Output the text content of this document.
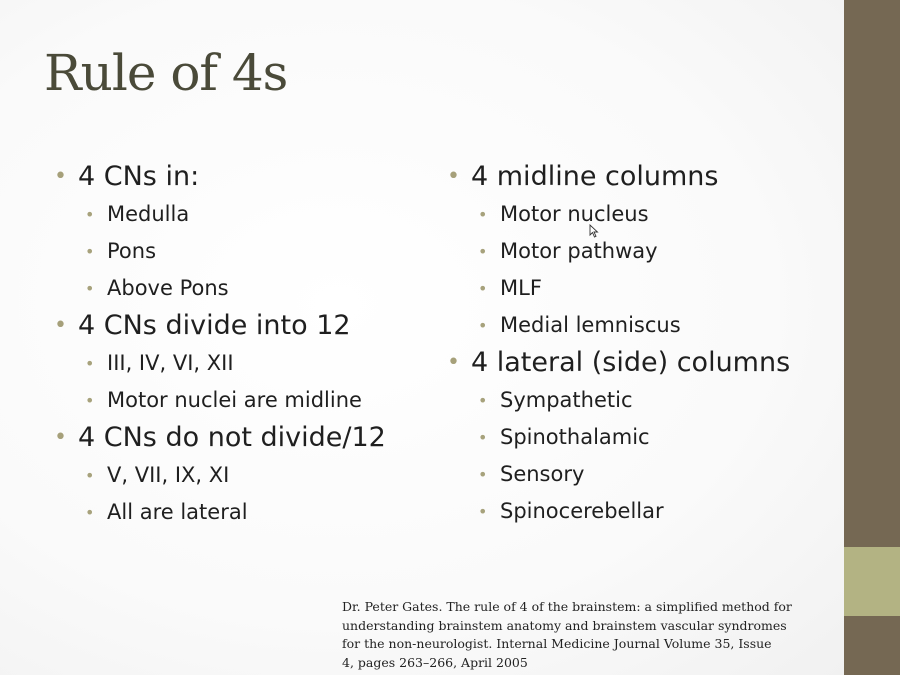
Rule of 4s
• 4 CNs in:
• Medulla
• Pons
• Above Pons
• 4 CNs divide into 12
• III, IV, VI, XII
• Motor nuclei are midline
• 4 CNs do not divide/12
• V, VII, IX, XI
• All are lateral
• 4 midline columns
• Motor nucleus
• Motor pathway
• MLF
• Medial lemniscus
• 4 lateral (side) columns
• Sympathetic
• Spinothalamic
• Sensory
• Spinocerebellar
Dr. Peter Gates. The rule of 4 of the brainstem: a simplified method for
understanding brainstem anatomy and brainstem vascular syndromes
for the non-neurologist. Internal Medicine Journal Volume 35, Issue
4, pages 263–266, April 2005
